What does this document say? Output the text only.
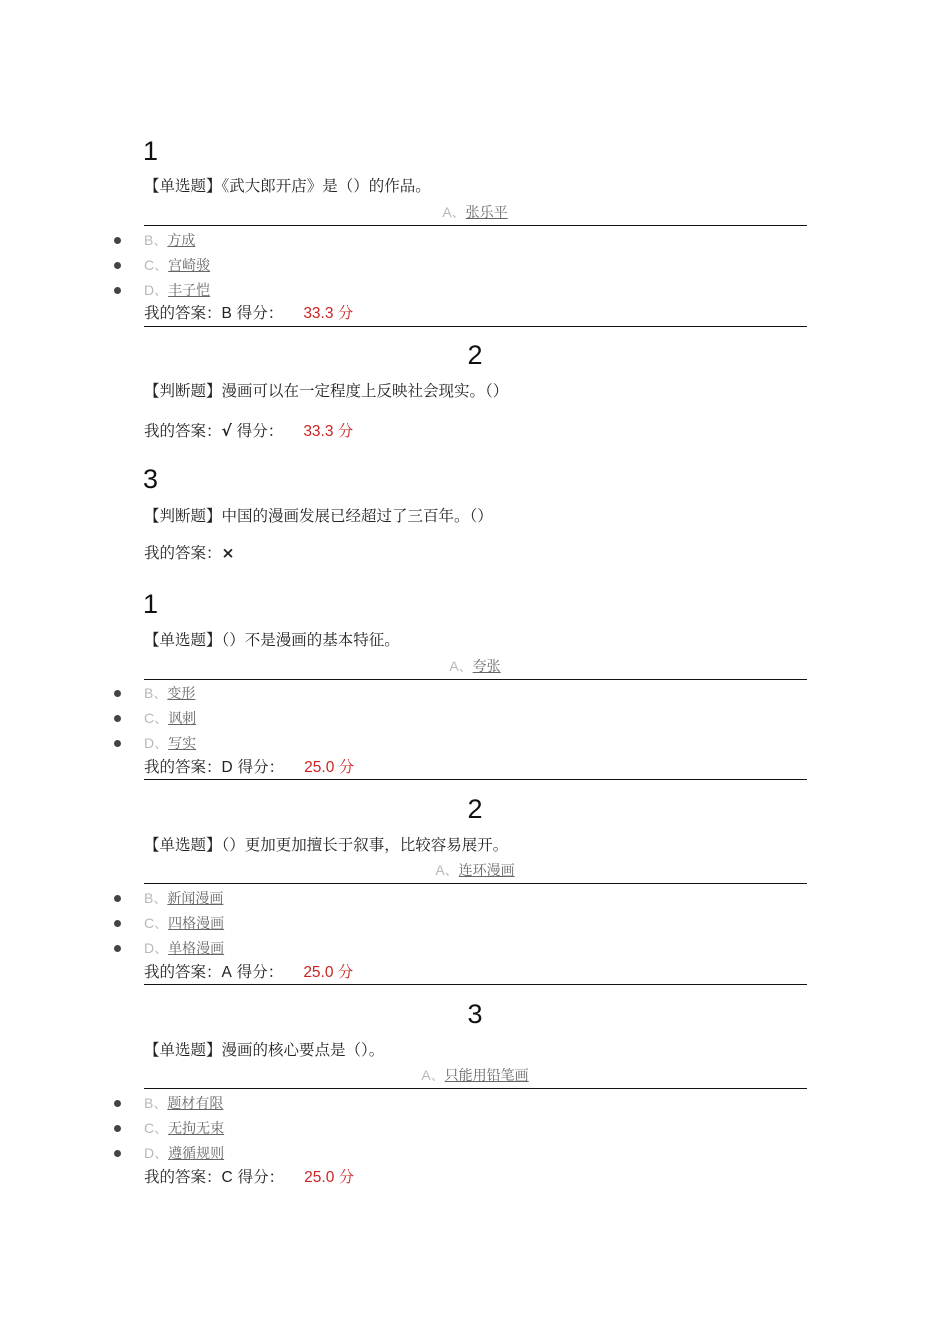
1
【单选题】《武大郎开店》是（）的作品。
A、张乐平
B、方成
C、宫崎骏
D、丰子恺
我的答案：B 得分： 33.3 分
2
【判断题】漫画可以在一定程度上反映社会现实。（）
我的答案：√ 得分： 33.3 分
3
【判断题】中国的漫画发展已经超过了三百年。（）
我的答案：×
1
【单选题】（）不是漫画的基本特征。
A、夸张
B、变形
C、讽刺
D、写实
我的答案：D 得分： 25.0 分
2
【单选题】（）更加更加擅长于叙事，比较容易展开。
A、连环漫画
B、新闻漫画
C、四格漫画
D、单格漫画
我的答案：A 得分： 25.0 分
3
【单选题】漫画的核心要点是（）。
A、只能用铅笔画
B、题材有限
C、无拘无束
D、遵循规则
我的答案：C 得分： 25.0 分
